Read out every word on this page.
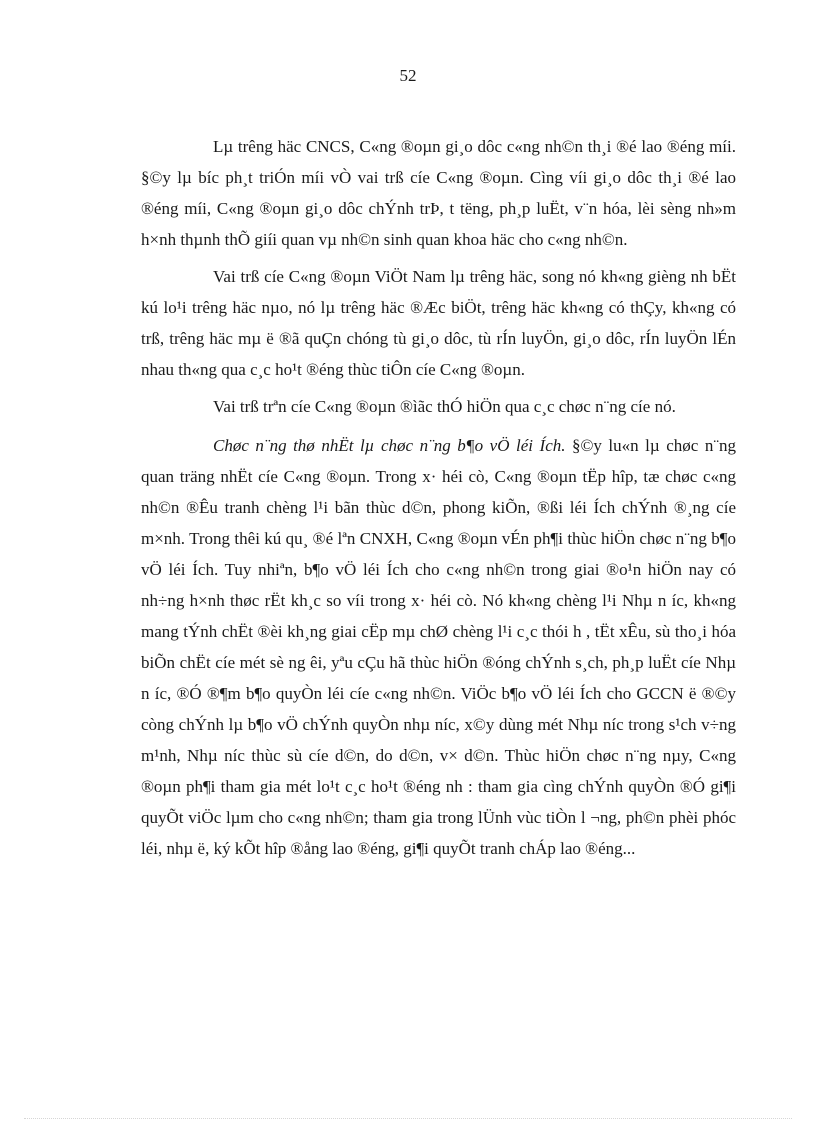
52

Lµ trêng häc CNCS, C«ng ®oµn gi¸o dôc c«ng nh©n th¸i ®é lao ®éng míi. §©y lµ bíc ph¸t triÓn míi vÒ vai trß cíe C«ng ®oµn. Cìng víi gi¸o dôc th¸i ®é lao ®éng míi, C«ng ®oµn gi¸o dôc chÝnh trÞ, t tëng, ph¸p luËt, v¨n hóa, lèi sèng nh»m h×nh thµnh thÕ giíi quan vµ nh©n sinh quan khoa häc cho c«ng nh©n.

Vai trß cíe C«ng ®oµn ViÖt Nam lµ trêng häc, song nó kh«ng gièng nh bËt kú lo¹i trêng häc nµo, nó lµ trêng häc ®Æc biÖt, trêng häc kh«ng có thÇy, kh«ng có trß, trêng häc mµ ë ®ã quÇn chóng tù gi¸o dôc, tù rÍn luyÖn, gi¸o dôc, rÍn luyÖn lÉn nhau th«ng qua c¸c ho¹t ®éng thùc tiÔn cíe C«ng ®oµn.

Vai trß trªn cíe C«ng ®oµn ®ìãc thÓ hiÖn qua c¸c chøc n¨ng cíe nó.

Chøc n¨ng thø nhËt lµ chøc n¨ng b¶o vÖ léi Ích. §©y lu«n lµ chøc n¨ng quan träng nhËt cíe C«ng ®oµn. Trong x· héi cò, C«ng ®oµn tËp hîp, tæ chøc c«ng nh©n ®Êu tranh chèng l¹i bãn thùc d©n, phong kiÕn, ®ßi léi Ích chÝnh ®¸ng cíe m×nh. Trong thêi kú qu¸ ®é lªn CNXH, C«ng ®oµn vÉn ph¶i thùc hiÖn chøc n¨ng b¶o vÖ léi Ích. Tuy nhiªn, b¶o vÖ léi Ích cho c«ng nh©n trong giai ®o¹n hiÖn nay có nh÷ng h×nh thøc rËt kh¸c so víi trong x· héi cò. Nó kh«ng chèng l¹i Nhµ n íc, kh«ng mang tÝnh chËt ®èi kh¸ng giai cËp mµ chØ chèng l¹i c¸c thói h , tËt xÊu, sù tho¸i hóa biÕn chËt cíe mét sè ng êi, yªu cÇu hã thùc hiÖn ®óng chÝnh s¸ch, ph¸p luËt cíe Nhµ n íc, ®Ó ®¶m b¶o quyÒn léi cíe c«ng nh©n. ViÖc b¶o vÖ léi Ích cho GCCN ë ®©y còng chÝnh lµ b¶o vÖ chÝnh quyÒn nhµ níc, x©y dùng mét Nhµ níc trong s¹ch v÷ng m¹nh, Nhµ níc thùc sù cíe d©n, do d©n, v× d©n. Thùc hiÖn chøc n¨ng nµy, C«ng ®oµn ph¶i tham gia mét lo¹t c¸c ho¹t ®éng nh : tham gia cìng chÝnh quyÒn ®Ó gi¶i quyÕt viÖc lµm cho c«ng nh©n; tham gia trong lÜnh vùc tiÒn l ¬ng, ph©n phèi phóc léi, nhµ ë, ký kÕt hîp ®ång lao ®éng, gi¶i quyÕt tranh chÁp lao ®éng...
